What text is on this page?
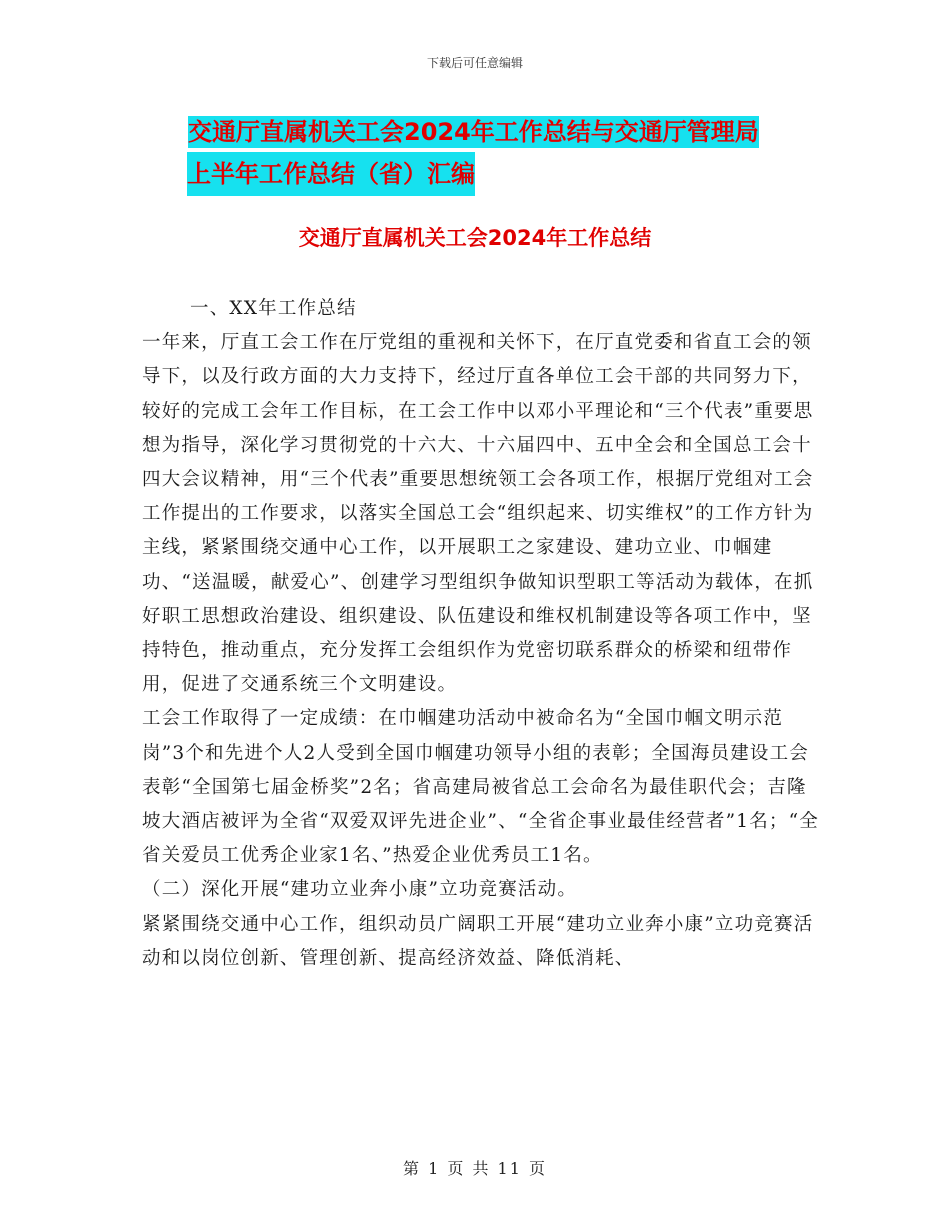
下载后可任意编辑
交通厅直属机关工会2024年工作总结与交通厅管理局
上半年工作总结（省）汇编
交通厅直属机关工会2024年工作总结

一、XX年工作总结

一年来，厅直工会工作在厅党组的重视和关怀下，在厅直党委和省直工会的领导下，以及行政方面的大力支持下，经过厅直各单位工会干部的共同努力下，较好的完成工会年工作目标，在工会工作中以邓小平理论和“三个代表”重要思想为指导，深化学习贯彻党的十六大、十六届四中、五中全会和全国总工会十四大会议精神，用“三个代表”重要思想统领工会各项工作，根据厅党组对工会工作提出的工作要求，以落实全国总工会“组织起来、切实维权”的工作方针为主线，紧紧围绕交通中心工作，以开展职工之家建设、建功立业、巾帼建功、“送温暖，献爱心”、创建学习型组织争做知识型职工等活动为载体，在抓好职工思想政治建设、组织建设、队伍建设和维权机制建设等各项工作中，坚持特色，推动重点，充分发挥工会组织作为党密切联系群众的桥梁和纽带作用，促进了交通系统三个文明建设。

工会工作取得了一定成绩：在巾帼建功活动中被命名为“全国巾帼文明示范岗”3个和先进个人2人受到全国巾帼建功领导小组的表彰；全国海员建设工会表彰“全国第七届金桥奖”2名；省高建局被省总工会命名为最佳职代会；吉隆坡大酒店被评为全省“双爱双评先进企业”、“全省企事业最佳经营者”1名；“全省关爱员工优秀企业家1名、”热爱企业优秀员工1名。

（二）深化开展“建功立业奔小康”立功竞赛活动。

紧紧围绕交通中心工作，组织动员广阔职工开展“建功立业奔小康”立功竞赛活动和以岗位创新、管理创新、提高经济效益、降低消耗、

第 1 页 共 11 页
